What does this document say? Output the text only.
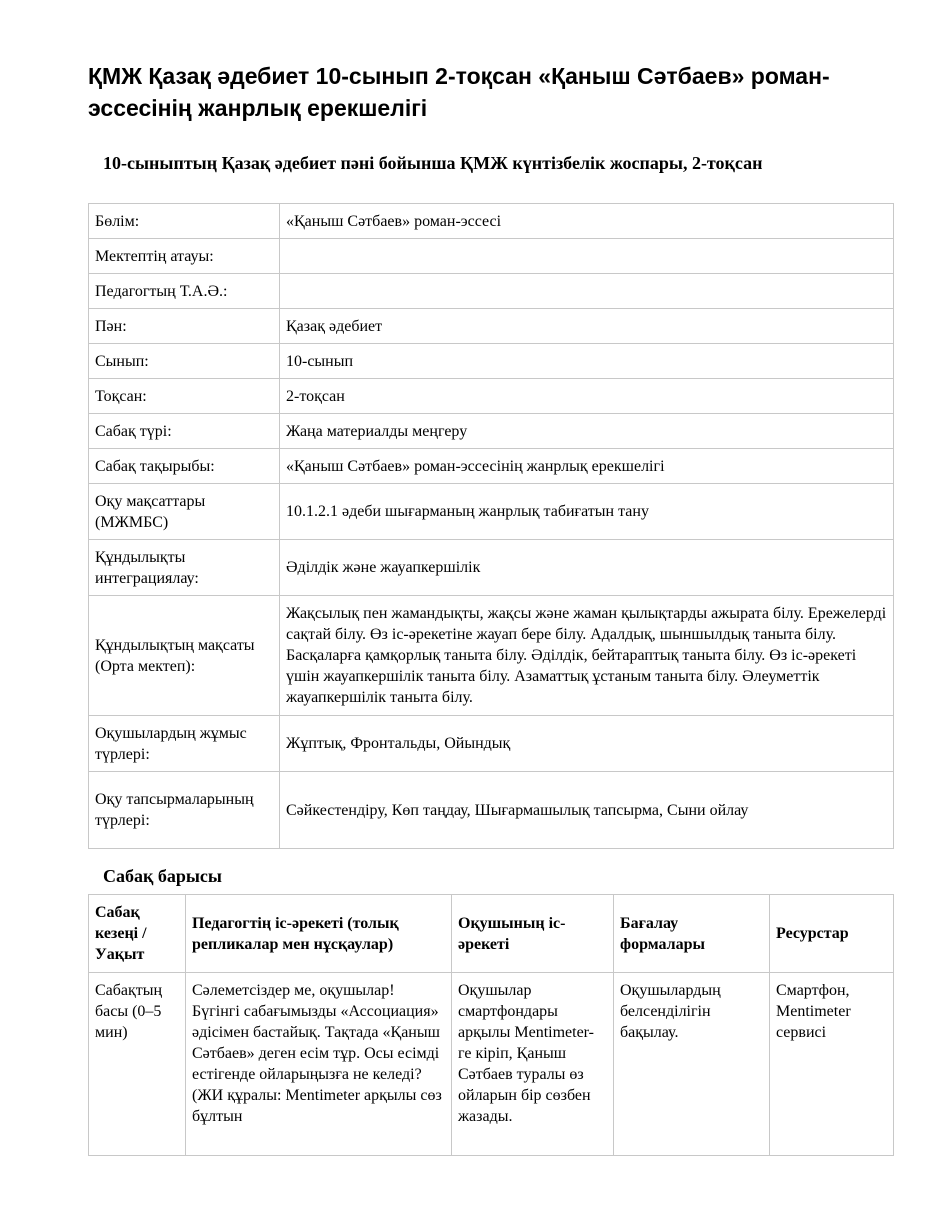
ҚМЖ Қазақ әдебиет 10-сынып 2-тоқсан «Қаныш Сәтбаев» роман-эссесінің жанрлық ерекшелігі
10-сыныптың Қазақ әдебиет пәні бойынша ҚМЖ күнтізбелік жоспары, 2-тоқсан
Бөлім:	«Қаныш Сәтбаев» роман-эссесі
Мектептің атауы:	
Педагогтың Т.А.Ә.:	
Пән:	Қазақ әдебиет
Сынып:	10-сынып
Тоқсан:	2-тоқсан
Сабақ түрі:	Жаңа материалды меңгеру
Сабақ тақырыбы:	«Қаныш Сәтбаев» роман-эссесінің жанрлық ерекшелігі
Оқу мақсаттары (МЖМБС)	10.1.2.1 әдеби шығарманың жанрлық табиғатын тану
Құндылықты интеграциялау:	Әділдік және жауапкершілік
Құндылықтың мақсаты (Орта мектеп):	Жақсылық пен жамандықты, жақсы және жаман қылықтарды ажырата білу. Ережелерді сақтай білу. Өз іс-әрекетіне жауап бере білу. Адалдық, шыншылдық таныта білу. Басқаларға қамқорлық таныта білу. Әділдік, бейтараптық таныта білу. Өз іс-әрекеті үшін жауапкершілік таныта білу. Азаматтық ұстаным таныта білу. Әлеуметтік жауапкершілік таныта білу.
Оқушылардың жұмыс түрлері:	Жұптық, Фронтальды, Ойындық
Оқу тапсырмаларының түрлері:	Сәйкестендіру, Көп таңдау, Шығармашылық тапсырма, Сыни ойлау
Сабақ барысы
Сабақ кезеңі / Уақыт	Педагогтің іс-әрекеті (толық репликалар мен нұсқаулар)	Оқушының іс-әрекеті	Бағалау формалары	Ресурстар
Сабақтың басы (0–5 мин)	Сәлеметсіздер ме, оқушылар! Бүгінгі сабағымызды «Ассоциация» әдісімен бастайық. Тақтада «Қаныш Сәтбаев» деген есім тұр. Осы есімді естігенде ойларыңызға не келеді? (ЖИ құралы: Mentimeter арқылы сөз бұлтын	Оқушылар смартфондары арқылы Mentimeter-ге кіріп, Қаныш Сәтбаев туралы өз ойларын бір сөзбен жазады.	Оқушылардың белсенділігін бақылау.	Смартфон, Mentimeter сервисі
